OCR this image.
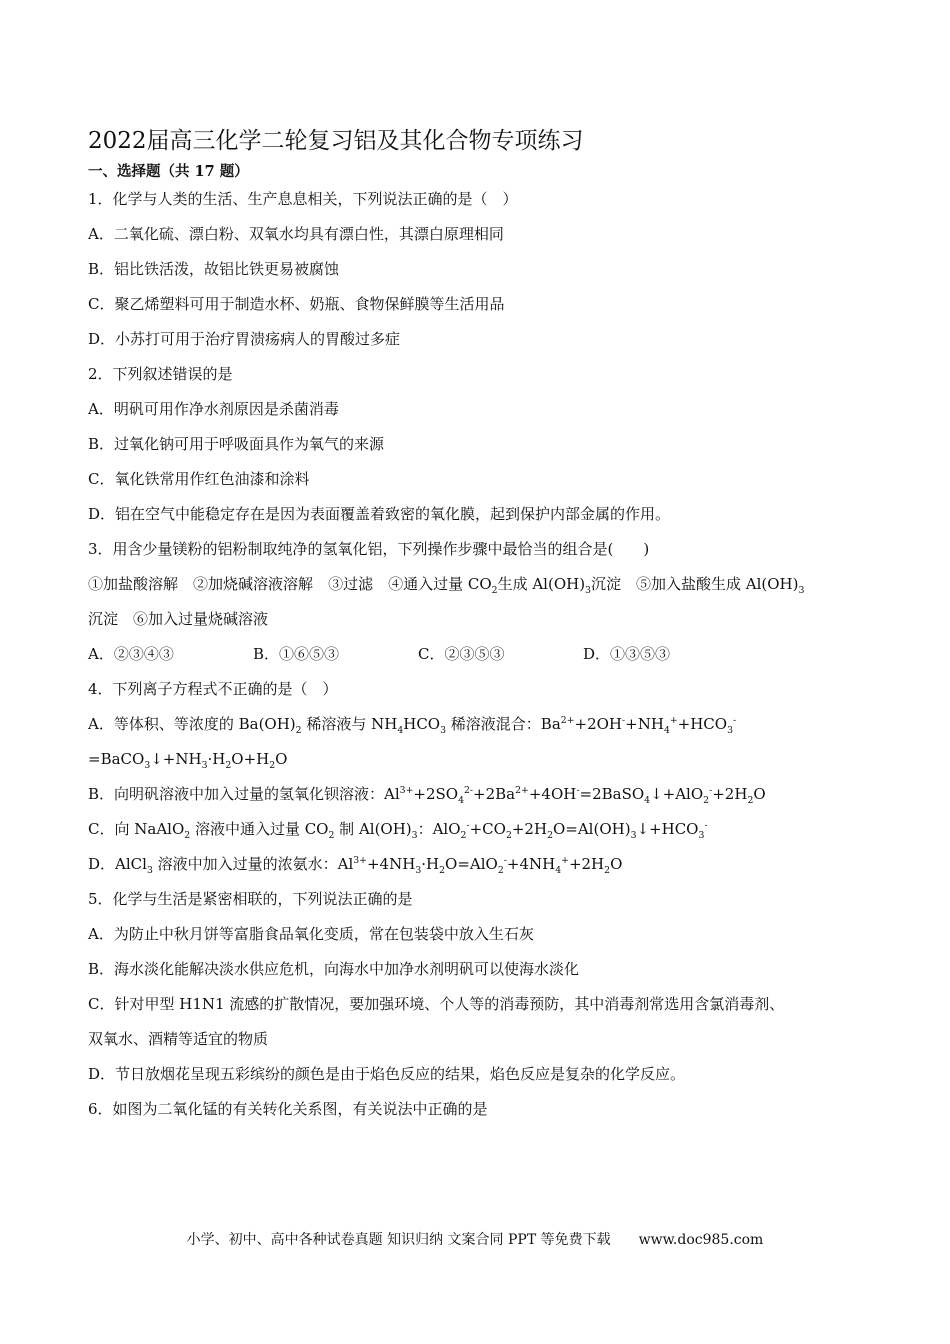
2022届高三化学二轮复习铝及其化合物专项练习
一、选择题（共 17 题）
1．化学与人类的生活、生产息息相关，下列说法正确的是（　）
A．二氧化硫、漂白粉、双氧水均具有漂白性，其漂白原理相同
B．铝比铁活泼，故铝比铁更易被腐蚀
C．聚乙烯塑料可用于制造水杯、奶瓶、食物保鲜膜等生活用品
D．小苏打可用于治疗胃溃疡病人的胃酸过多症
2．下列叙述错误的是
A．明矾可用作净水剂原因是杀菌消毒
B．过氧化钠可用于呼吸面具作为氧气的来源
C．氧化铁常用作红色油漆和涂料
D．铝在空气中能稳定存在是因为表面覆盖着致密的氧化膜，起到保护内部金属的作用。
3．用含少量镁粉的铝粉制取纯净的氢氧化铝，下列操作步骤中最恰当的组合是(　　)
①加盐酸溶解　 ②加烧碱溶液溶解　 ③过滤　 ④通入过量 $CO_2$生成 $Al(OH)_3$沉淀　 ⑤加入盐酸生成 $Al(OH)_3$
沉淀　 ⑥加入过量烧碱溶液
A．②③④③	B．①⑥⑤③	C．②③⑤③	D．①③⑤③
4．下列离子方程式不正确的是（　）
A．等体积、等浓度的 $Ba(OH)_2$ 稀溶液与 $NH_4HCO_3$ 稀溶液混合：$Ba^{2+}+2OH^-+NH_4^++HCO_3^-$
$=BaCO_3↓+NH_3\cdot H_2O+H_2O$
B．向明矾溶液中加入过量的氢氧化钡溶液：$Al^{3+}+2SO_4^{2-}+2Ba^{2+}+4OH^-=2BaSO_4↓+AlO_2^-+2H_2O$
C．向 NaAlO$_2$ 溶液中通入过量 $CO_2$ 制 $Al(OH)_3$：$AlO_2^-+CO_2+2H_2O=Al(OH)_3↓+HCO_3^-$
D．AlCl$_3$ 溶液中加入过量的浓氨水：$Al^{3+}+4NH_3\cdot H_2O=AlO_2^-+4NH_4^++2H_2O$
5．化学与生活是紧密相联的，下列说法正确的是
A．为防止中秋月饼等富脂食品氧化变质，常在包装袋中放入生石灰
B．海水淡化能解决淡水供应危机，向海水中加净水剂明矾可以使海水淡化
C．针对甲型 H1N1 流感的扩散情况，要加强环境、个人等的消毒预防，其中消毒剂常选用含氯消毒剂、
双氧水、酒精等适宜的物质
D．节日放烟花呈现五彩缤纷的颜色是由于焰色反应的结果，焰色反应是复杂的化学反应。
6．如图为二氧化锰的有关转化关系图，有关说法中正确的是
小学、初中、高中各种试卷真题 知识归纳 文案合同 PPT 等免费下载　　www.doc985.com
